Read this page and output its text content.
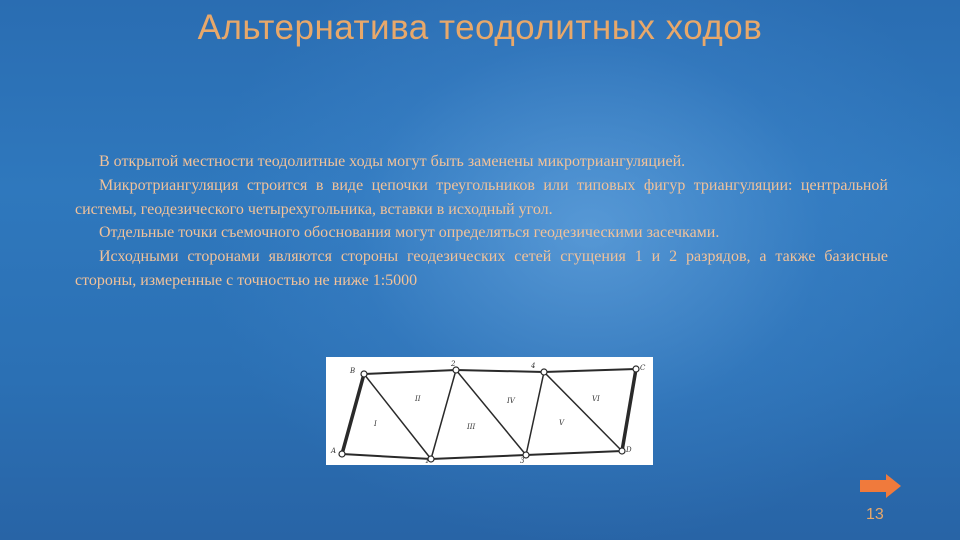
Альтернатива теодолитных ходов

В открытой местности теодолитные ходы могут быть заменены микротриангуляцией.

Микротриангуляция строится в виде цепочки треугольников или типовых фигур триангуляции: центральной системы, геодезического четырехугольника, вставки в исходный угол.

Отдельные точки съемочного обоснования могут определяться геодезическими засечками.

Исходными сторонами являются стороны геодезических сетей сгущения 1 и 2 разрядов, а также базисные стороны, измеренные с точностью не ниже 1:5000

A
B
1
2
3
4	C
D
I
II
III
IV
V
VI
13
